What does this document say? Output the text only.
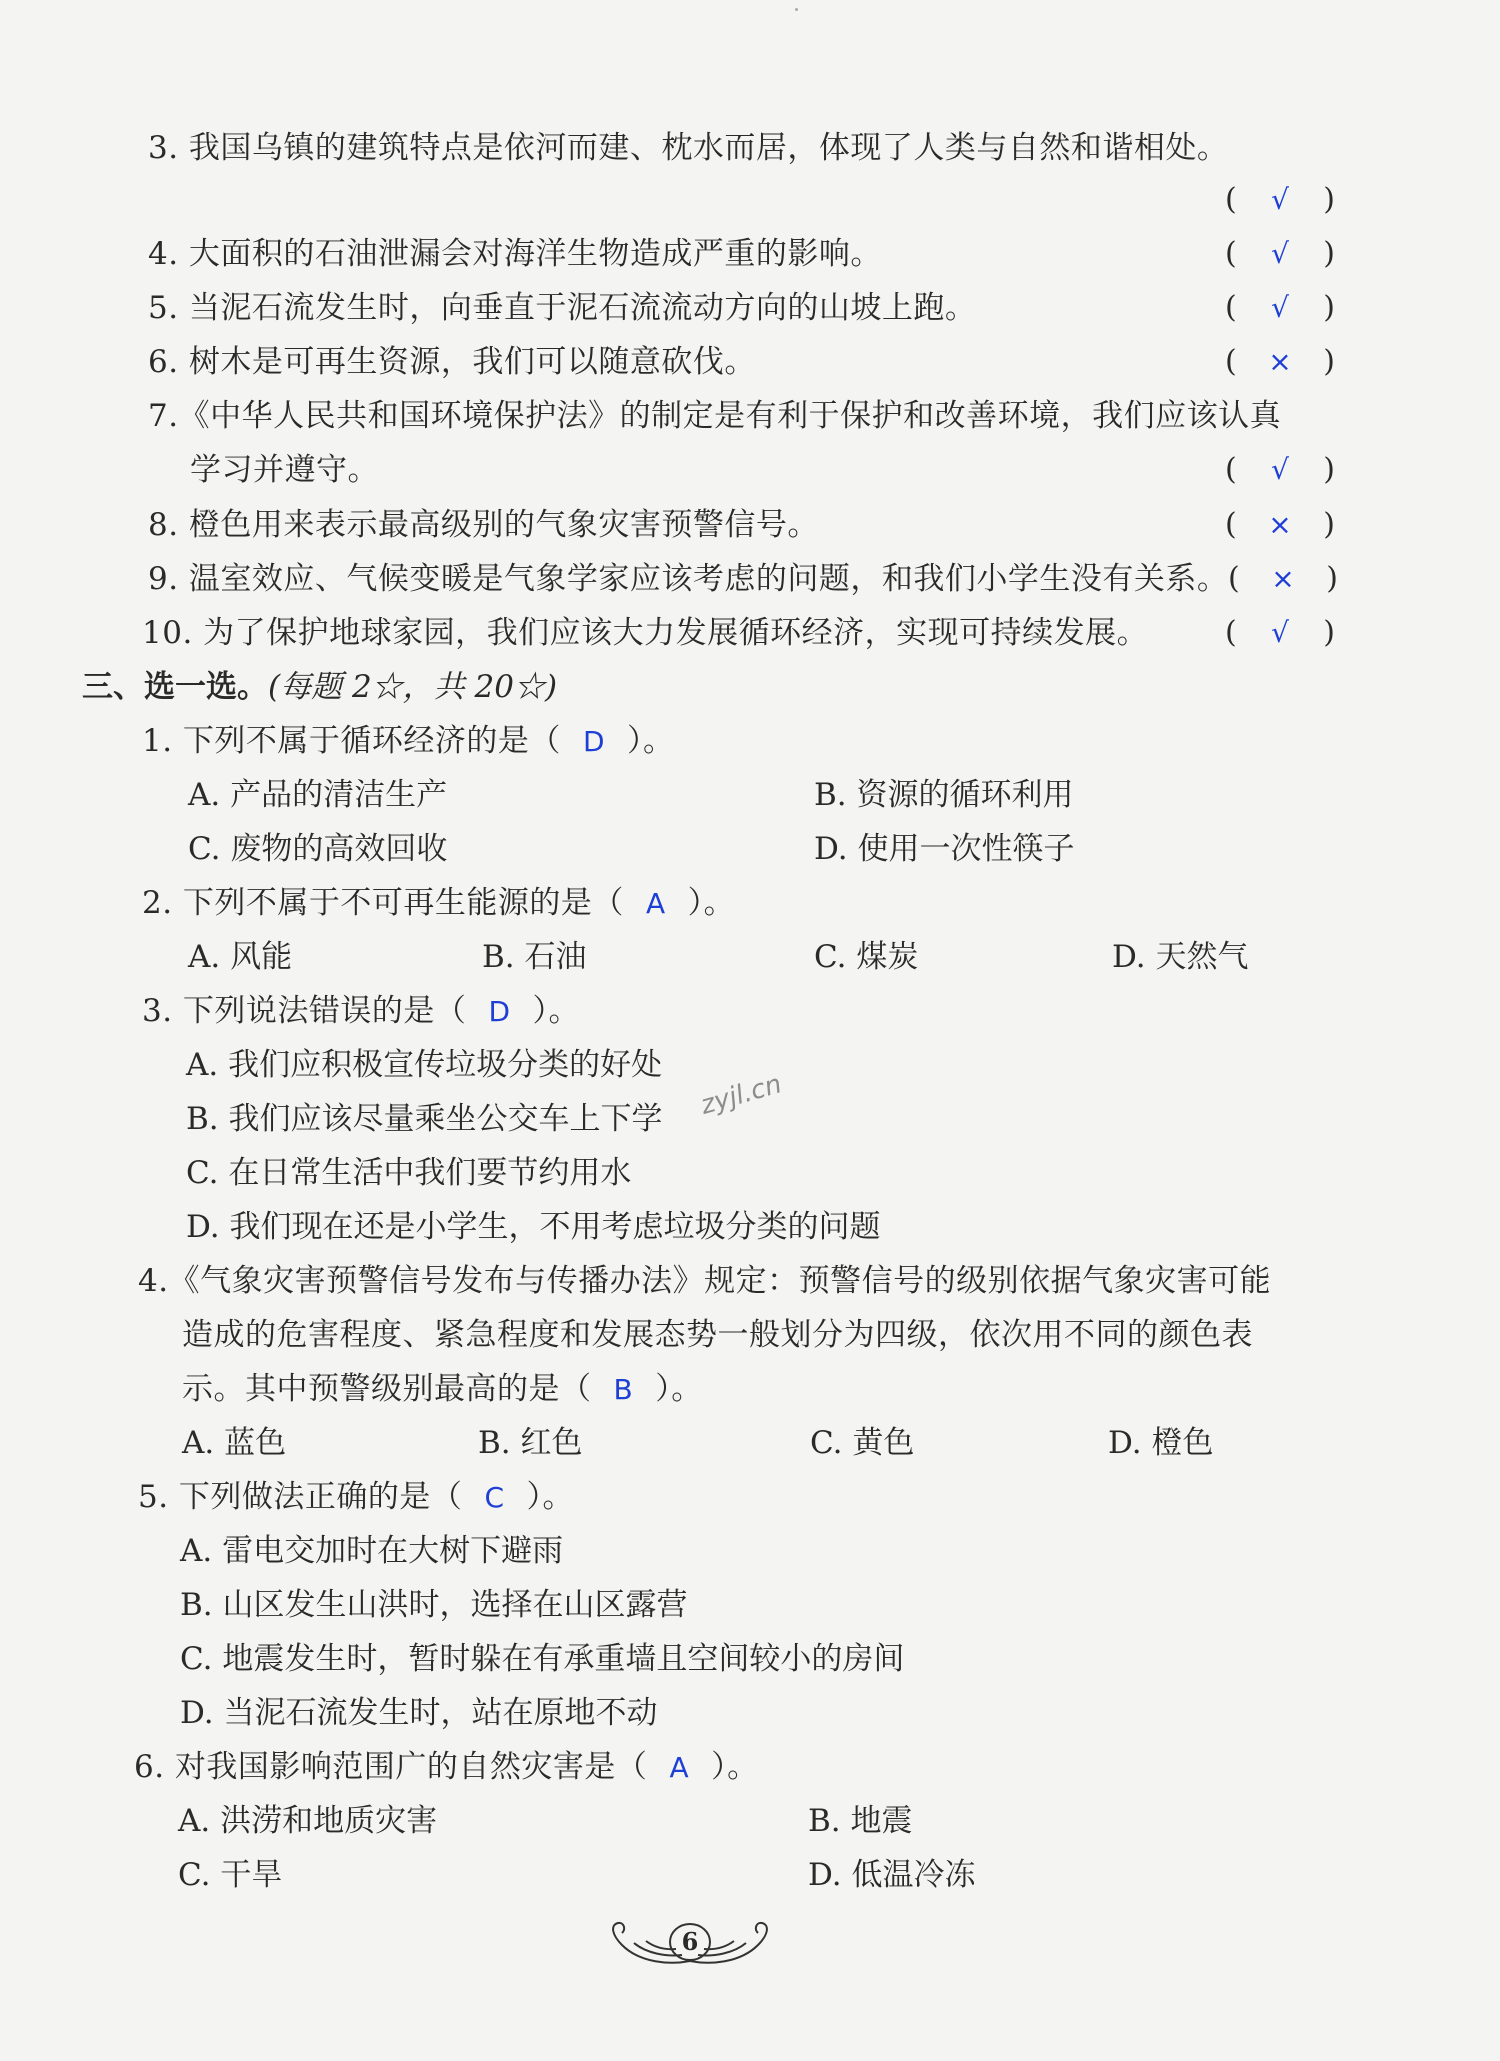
3. 我国乌镇的建筑特点是依河而建、枕水而居，体现了人类与自然和谐相处。
(	√	)
4. 大面积的石油泄漏会对海洋生物造成严重的影响。	(	√	)
5. 当泥石流发生时，向垂直于泥石流流动方向的山坡上跑。	(	√	)
6. 树木是可再生资源，我们可以随意砍伐。	(	×	)
7.《中华人民共和国环境保护法》的制定是有利于保护和改善环境，我们应该认真
学习并遵守。	(	√	)
8. 橙色用来表示最高级别的气象灾害预警信号。	(	×	)
9. 温室效应、气候变暖是气象学家应该考虑的问题，和我们小学生没有关系。 (	×	)
10. 为了保护地球家园，我们应该大力发展循环经济，实现可持续发展。	(	√	)
三、选一选。(每题 2☆，共 20☆)
1. 下列不属于循环经济的是（ D ）。
A. 产品的清洁生产	B. 资源的循环利用
C. 废物的高效回收	D. 使用一次性筷子
2. 下列不属于不可再生能源的是（ A ）。
A. 风能	B. 石油	C. 煤炭	D. 天然气
3. 下列说法错误的是（ D ）。
A. 我们应积极宣传垃圾分类的好处
B. 我们应该尽量乘坐公交车上下学
C. 在日常生活中我们要节约用水
D. 我们现在还是小学生，不用考虑垃圾分类的问题
zyjl.cn
4.《气象灾害预警信号发布与传播办法》规定：预警信号的级别依据气象灾害可能
造成的危害程度、紧急程度和发展态势一般划分为四级，依次用不同的颜色表
示。其中预警级别最高的是（ B ）。
A. 蓝色	B. 红色	C. 黄色	D. 橙色
5. 下列做法正确的是（ C ）。
A. 雷电交加时在大树下避雨
B. 山区发生山洪时，选择在山区露营
C. 地震发生时，暂时躲在有承重墙且空间较小的房间
D. 当泥石流发生时，站在原地不动
6. 对我国影响范围广的自然灾害是（ A ）。
A. 洪涝和地质灾害	B. 地震
C. 干旱	D. 低温冷冻
6
